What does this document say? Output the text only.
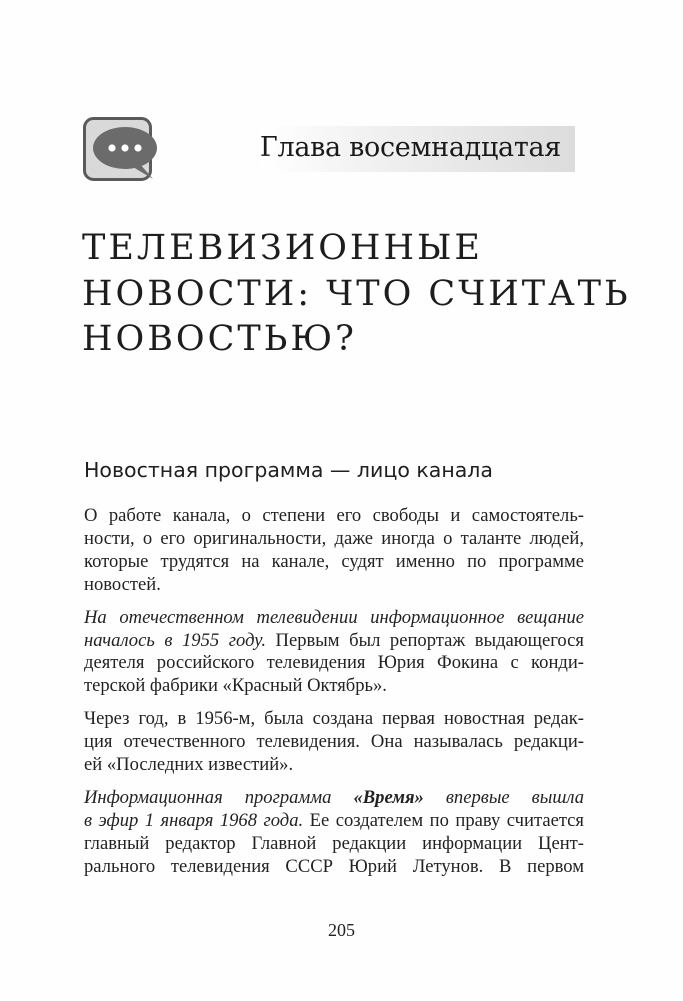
Глава восемнадцатая
ТЕЛЕВИЗИОННЫЕ
НОВОСТИ: ЧТО СЧИТАТЬ
НОВОСТЬЮ?
Новостная программа — лицо канала

О работе канала, о степени его свободы и самостоятель-
ности, о его оригинальности, даже иногда о таланте людей,
которые трудятся на канале, судят именно по программе
новостей.

На отечественном телевидении информационное вещание
началось в 1955 году. Первым был репортаж выдающегося
деятеля российского телевидения Юрия Фокина с конди-
терской фабрики «Красный Октябрь».

Через год, в 1956-м, была создана первая новостная редак-
ция отечественного телевидения. Она называлась редакци-
ей «Последних известий».

Информационная программа «Время» впервые вышла
в эфир 1 января 1968 года. Ее создателем по праву считается
главный редактор Главной редакции информации Цент-
рального телевидения СССР Юрий Летунов. В первом

205
